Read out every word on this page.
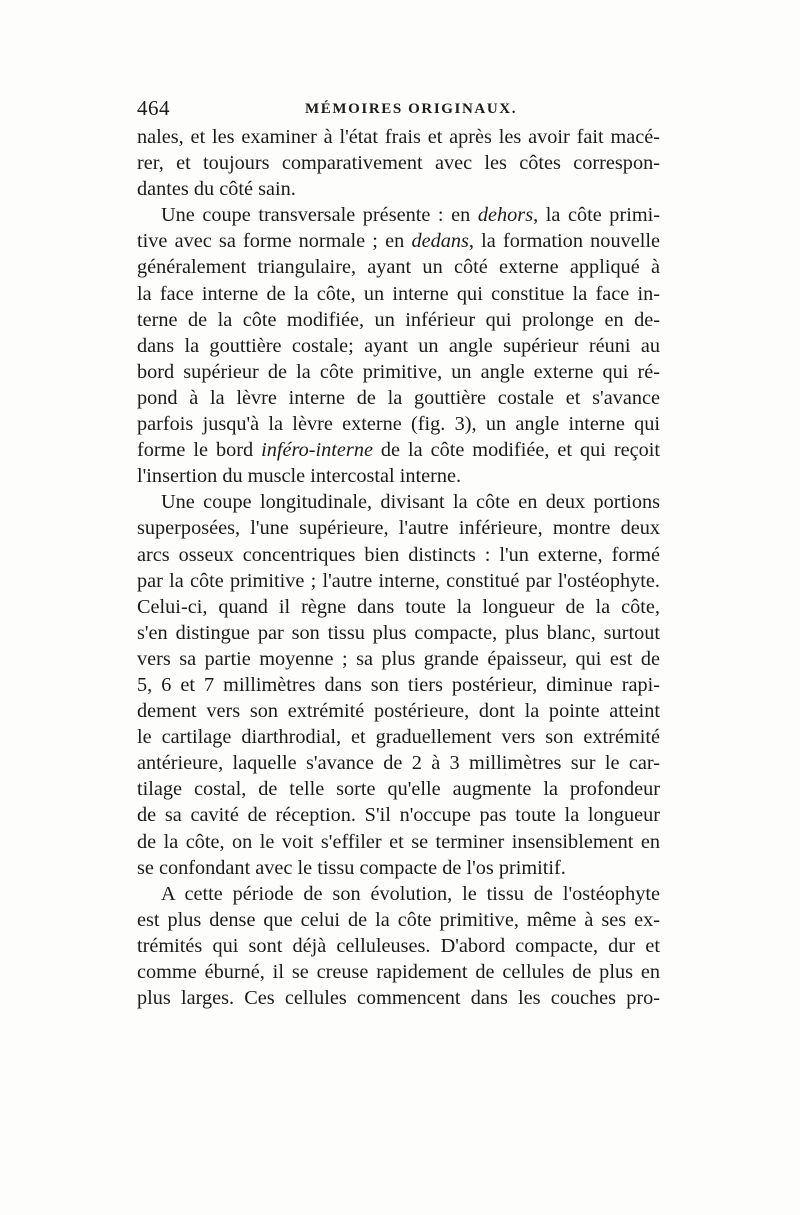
464	MÉMOIRES ORIGINAUX.
nales, et les examiner à l'état frais et après les avoir fait macé-
rer, et toujours comparativement avec les côtes correspon-
dantes du côté sain.
Une coupe transversale présente : en dehors, la côte primi-
tive avec sa forme normale ; en dedans, la formation nouvelle
généralement triangulaire, ayant un côté externe appliqué à
la face interne de la côte, un interne qui constitue la face in-
terne de la côte modifiée, un inférieur qui prolonge en de-
dans la gouttière costale; ayant un angle supérieur réuni au
bord supérieur de la côte primitive, un angle externe qui ré-
pond à la lèvre interne de la gouttière costale et s'avance
parfois jusqu'à la lèvre externe (fig. 3), un angle interne qui
forme le bord inféro-interne de la côte modifiée, et qui reçoit
l'insertion du muscle intercostal interne.
Une coupe longitudinale, divisant la côte en deux portions
superposées, l'une supérieure, l'autre inférieure, montre deux
arcs osseux concentriques bien distincts : l'un externe, formé
par la côte primitive ; l'autre interne, constitué par l'ostéophyte.
Celui-ci, quand il règne dans toute la longueur de la côte,
s'en distingue par son tissu plus compacte, plus blanc, surtout
vers sa partie moyenne ; sa plus grande épaisseur, qui est de
5, 6 et 7 millimètres dans son tiers postérieur, diminue rapi-
dement vers son extrémité postérieure, dont la pointe atteint
le cartilage diarthrodial, et graduellement vers son extrémité
antérieure, laquelle s'avance de 2 à 3 millimètres sur le car-
tilage costal, de telle sorte qu'elle augmente la profondeur
de sa cavité de réception. S'il n'occupe pas toute la longueur
de la côte, on le voit s'effiler et se terminer insensiblement en
se confondant avec le tissu compacte de l'os primitif.
A cette période de son évolution, le tissu de l'ostéophyte
est plus dense que celui de la côte primitive, même à ses ex-
trémités qui sont déjà celluleuses. D'abord compacte, dur et
comme éburné, il se creuse rapidement de cellules de plus en
plus larges. Ces cellules commencent dans les couches pro-
